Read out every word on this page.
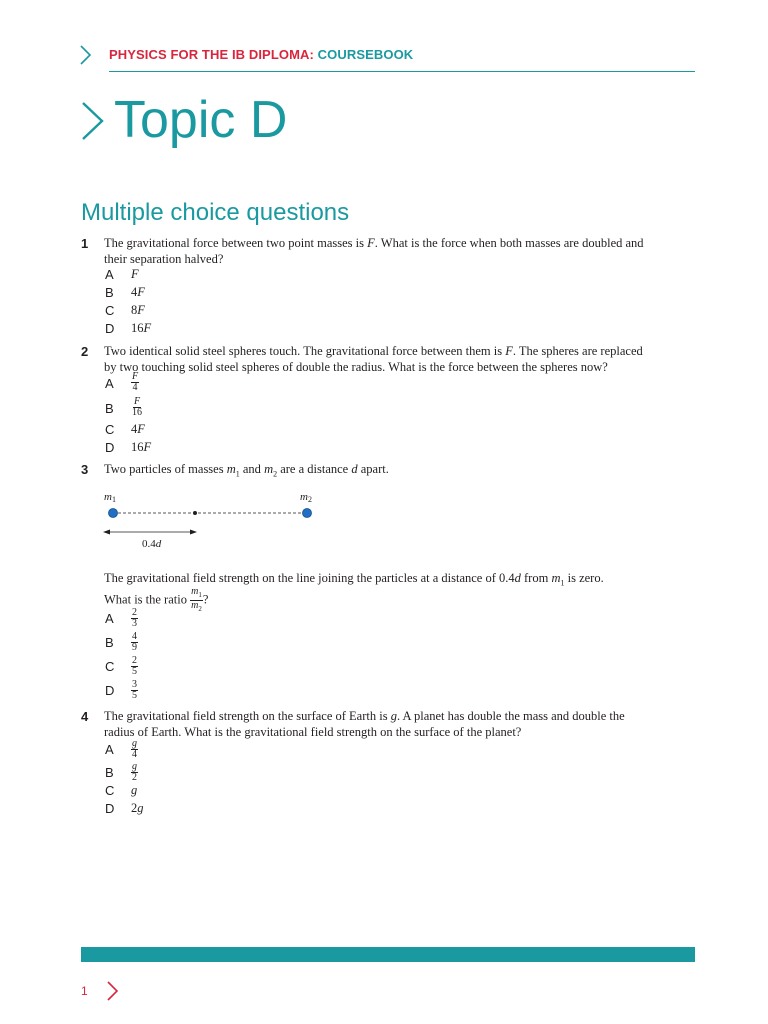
PHYSICS FOR THE IB DIPLOMA: COURSEBOOK
Topic D
Multiple choice questions
1	The gravitational force between two point masses is F. What is the force when both masses are doubled and
their separation halved?
A	F
B	4F
C	8F
D	16F
2	Two identical solid steel spheres touch. The gravitational force between them is F. The spheres are replaced
by two touching solid steel spheres of double the radius. What is the force between the spheres now?
A	$\frac{F}{4}$
B	$\frac{F}{16}$
C	4F
D	16F
3	Two particles of masses $m_1$ and $m_2$ are a distance d apart.
m1	m2
0.4d
The gravitational field strength on the line joining the particles at a distance of 0.4d from $m_1$ is zero.
What is the ratio $\frac{m_1}{m_2}$ ?
A	$\frac{2}{3}$
B	$\frac{4}{9}$
C	$\frac{2}{5}$
D	$\frac{3}{5}$
4	The gravitational field strength on the surface of Earth is g. A planet has double the mass and double the
radius of Earth. What is the gravitational field strength on the surface of the planet?
A	$\frac{g}{4}$
B	$\frac{g}{2}$
C	g
D	2g
1
